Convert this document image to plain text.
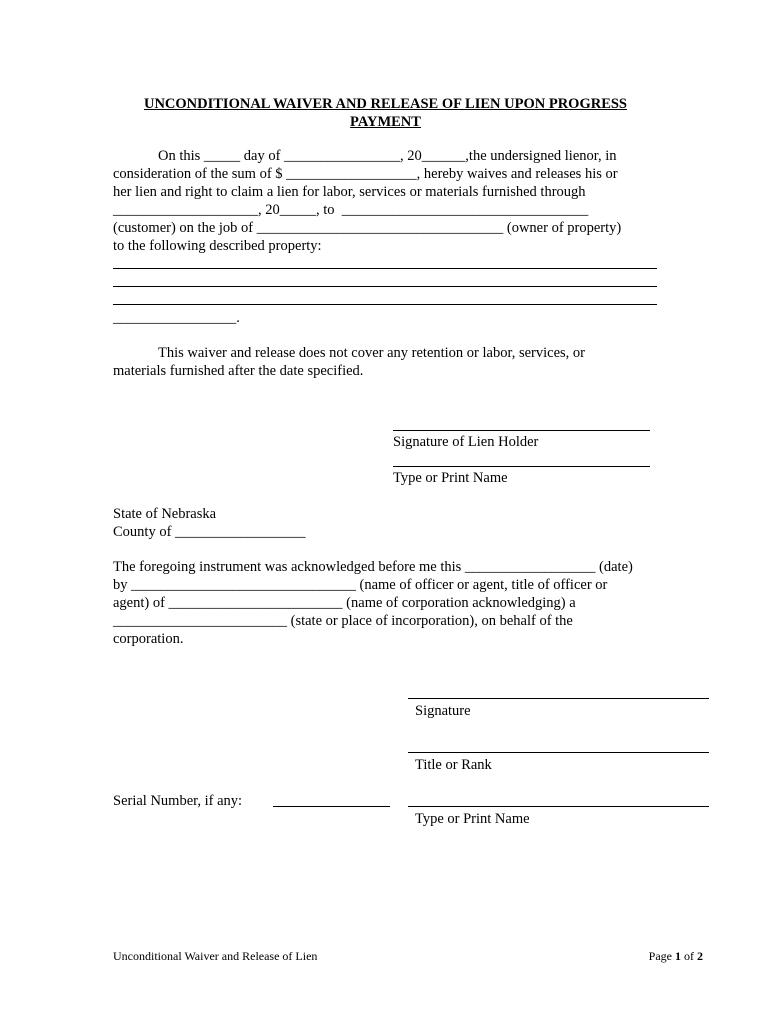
UNCONDITIONAL WAIVER AND RELEASE OF LIEN UPON PROGRESS
PAYMENT
On this _____ day of ________________, 20______,the undersigned lienor, in
consideration of the sum of $ __________________, hereby waives and releases his or
her lien and right to claim a lien for labor, services or materials furnished through
____________________, 20_____, to  __________________________________
(customer) on the job of __________________________________ (owner of property)
to the following described property:
_________________.
This waiver and release does not cover any retention or labor, services, or
materials furnished after the date specified.
Signature of Lien Holder
Type or Print Name
State of Nebraska
County of __________________
The foregoing instrument was acknowledged before me this __________________ (date)
by _______________________________ (name of officer or agent, title of officer or
agent) of ________________________ (name of corporation acknowledging) a
________________________ (state or place of incorporation), on behalf of the
corporation.
Signature
Title or Rank
Serial Number, if any:
Type or Print Name
Unconditional Waiver and Release of Lien	Page 1 of 2
